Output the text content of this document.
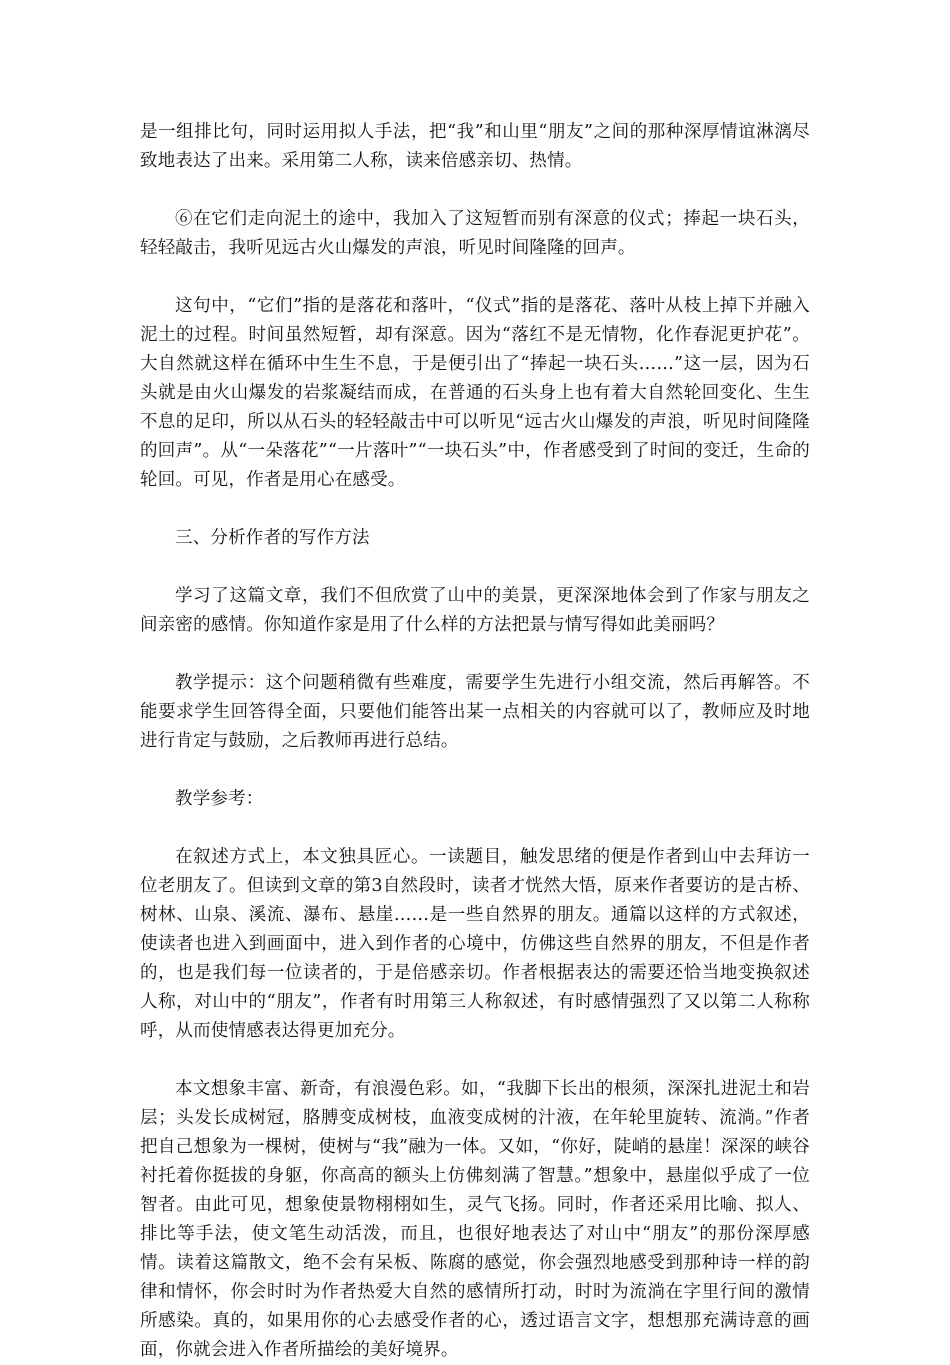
是一组排比句，同时运用拟人手法，把“我”和山里“朋友”之间的那种深厚情谊淋漓尽致地表达了出来。采用第二人称，读来倍感亲切、热情。

⑥在它们走向泥土的途中，我加入了这短暂而别有深意的仪式；捧起一块石头，轻轻敲击，我听见远古火山爆发的声浪，听见时间隆隆的回声。

这句中，“它们”指的是落花和落叶，“仪式”指的是落花、落叶从枝上掉下并融入泥土的过程。时间虽然短暂，却有深意。因为“落红不是无情物，化作春泥更护花”。大自然就这样在循环中生生不息，于是便引出了“捧起一块石头……”这一层，因为石头就是由火山爆发的岩浆凝结而成，在普通的石头身上也有着大自然轮回变化、生生不息的足印，所以从石头的轻轻敲击中可以听见“远古火山爆发的声浪，听见时间隆隆的回声”。从“一朵落花”“一片落叶”“一块石头”中，作者感受到了时间的变迁，生命的轮回。可见，作者是用心在感受。

三、分析作者的写作方法

学习了这篇文章，我们不但欣赏了山中的美景，更深深地体会到了作家与朋友之间亲密的感情。你知道作家是用了什么样的方法把景与情写得如此美丽吗？

教学提示：这个问题稍微有些难度，需要学生先进行小组交流，然后再解答。不能要求学生回答得全面，只要他们能答出某一点相关的内容就可以了，教师应及时地进行肯定与鼓励，之后教师再进行总结。

教学参考：

在叙述方式上，本文独具匠心。一读题目，触发思绪的便是作者到山中去拜访一位老朋友了。但读到文章的第3自然段时，读者才恍然大悟，原来作者要访的是古桥、树林、山泉、溪流、瀑布、悬崖……是一些自然界的朋友。通篇以这样的方式叙述，使读者也进入到画面中，进入到作者的心境中，仿佛这些自然界的朋友，不但是作者的，也是我们每一位读者的，于是倍感亲切。作者根据表达的需要还恰当地变换叙述人称，对山中的“朋友”，作者有时用第三人称叙述，有时感情强烈了又以第二人称称呼，从而使情感表达得更加充分。

本文想象丰富、新奇，有浪漫色彩。如，“我脚下长出的根须，深深扎进泥土和岩层；头发长成树冠，胳膊变成树枝，血液变成树的汁液，在年轮里旋转、流淌。”作者把自己想象为一棵树，使树与“我”融为一体。又如，“你好，陡峭的悬崖！深深的峡谷衬托着你挺拔的身躯，你高高的额头上仿佛刻满了智慧。”想象中，悬崖似乎成了一位智者。由此可见，想象使景物栩栩如生，灵气飞扬。同时，作者还采用比喻、拟人、排比等手法，使文笔生动活泼，而且，也很好地表达了对山中“朋友”的那份深厚感情。读着这篇散文，绝不会有呆板、陈腐的感觉，你会强烈地感受到那种诗一样的韵律和情怀，你会时时为作者热爱大自然的感情所打动，时时为流淌在字里行间的激情所感染。真的，如果用你的心去感受作者的心，透过语言文字，想想那充满诗意的画面，你就会进入作者所描绘的美好境界。
